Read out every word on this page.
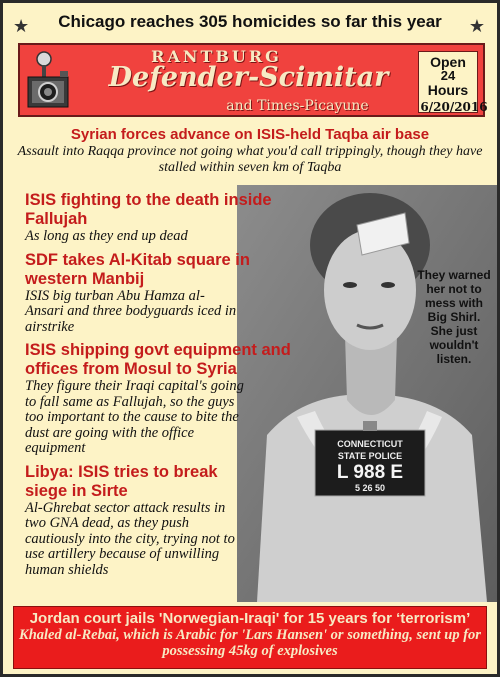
★	★
Chicago reaches 305 homicides so far this year
RANTBURG
Defender-Scimitar
and Times-Picayune
Open
24
Hours
6/20/2016
Syrian forces advance on ISIS-held Taqba air base
Assault into Raqqa province not going what you'd call trippingly, though they have stalled within seven km of Taqba
CONNECTICUT
STATE POLICE
L 988 E
5 26 50
They warned her not to mess with Big Shirl. She just wouldn't listen.
ISIS fighting to the death inside Fallujah
As long as they end up dead
SDF takes Al-Kitab square in western Manbij
ISIS big turban Abu Hamza al-Ansari and three bodyguards iced in airstrike
ISIS shipping govt equipment and offices from Mosul to Syria
They figure their Iraqi capital's going to fall same as Fallujah, so the guys too important to the cause to bite the dust are going with the office equipment
Libya: ISIS tries to break siege in Sirte
Al-Ghrebat sector attack results in two GNA dead, as they push cautiously into the city, trying not to use artillery because of unwilling human shields
Jordan court jails 'Norwegian-Iraqi' for 15 years for ‘terrorism’
Khaled al-Rebai, which is Arabic for 'Lars Hansen' or something, sent up for possessing 45kg of explosives
